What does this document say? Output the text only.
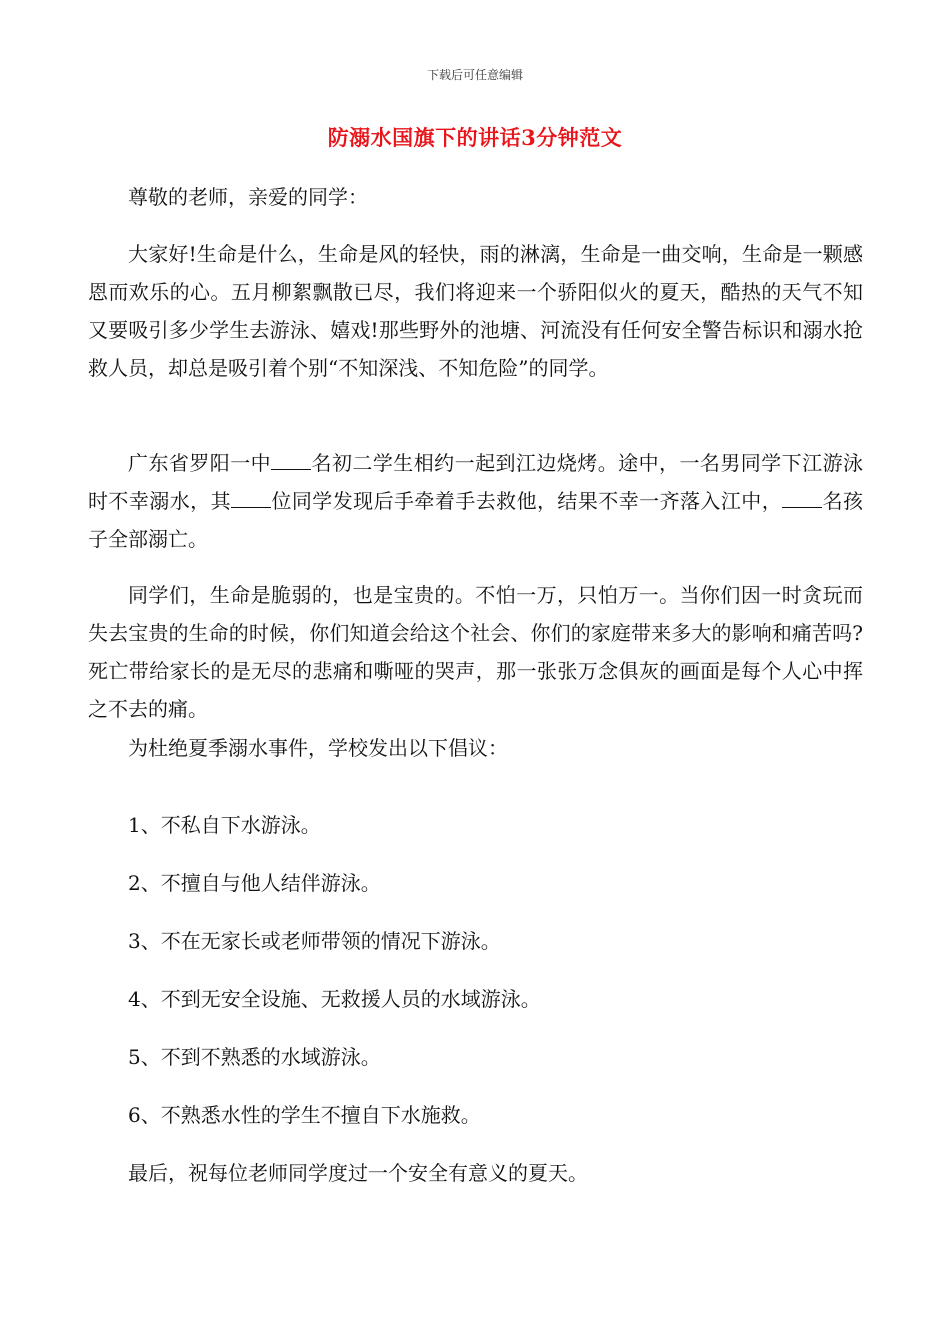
下载后可任意编辑
防溺水国旗下的讲话3分钟范文

尊敬的老师，亲爱的同学：

大家好!生命是什么，生命是风的轻快，雨的淋漓，生命是一曲交响，生命是一颗感恩而欢乐的心。五月柳絮飘散已尽，我们将迎来一个骄阳似火的夏天，酷热的天气不知又要吸引多少学生去游泳、嬉戏!那些野外的池塘、河流没有任何安全警告标识和溺水抢救人员，却总是吸引着个别“不知深浅、不知危险”的同学。

广东省罗阳一中 名初二学生相约一起到江边烧烤。途中，一名男同学下江游泳时不幸溺水，其 位同学发现后手牵着手去救他，结果不幸一齐落入江中， 名孩子全部溺亡。

同学们，生命是脆弱的，也是宝贵的。不怕一万，只怕万一。当你们因一时贪玩而失去宝贵的生命的时候，你们知道会给这个社会、你们的家庭带来多大的影响和痛苦吗?死亡带给家长的是无尽的悲痛和嘶哑的哭声，那一张张万念俱灰的画面是每个人心中挥之不去的痛。

为杜绝夏季溺水事件，学校发出以下倡议：

1、不私自下水游泳。

2、不擅自与他人结伴游泳。

3、不在无家长或老师带领的情况下游泳。

4、不到无安全设施、无救援人员的水域游泳。

5、不到不熟悉的水域游泳。

6、不熟悉水性的学生不擅自下水施救。

最后，祝每位老师同学度过一个安全有意义的夏天。
